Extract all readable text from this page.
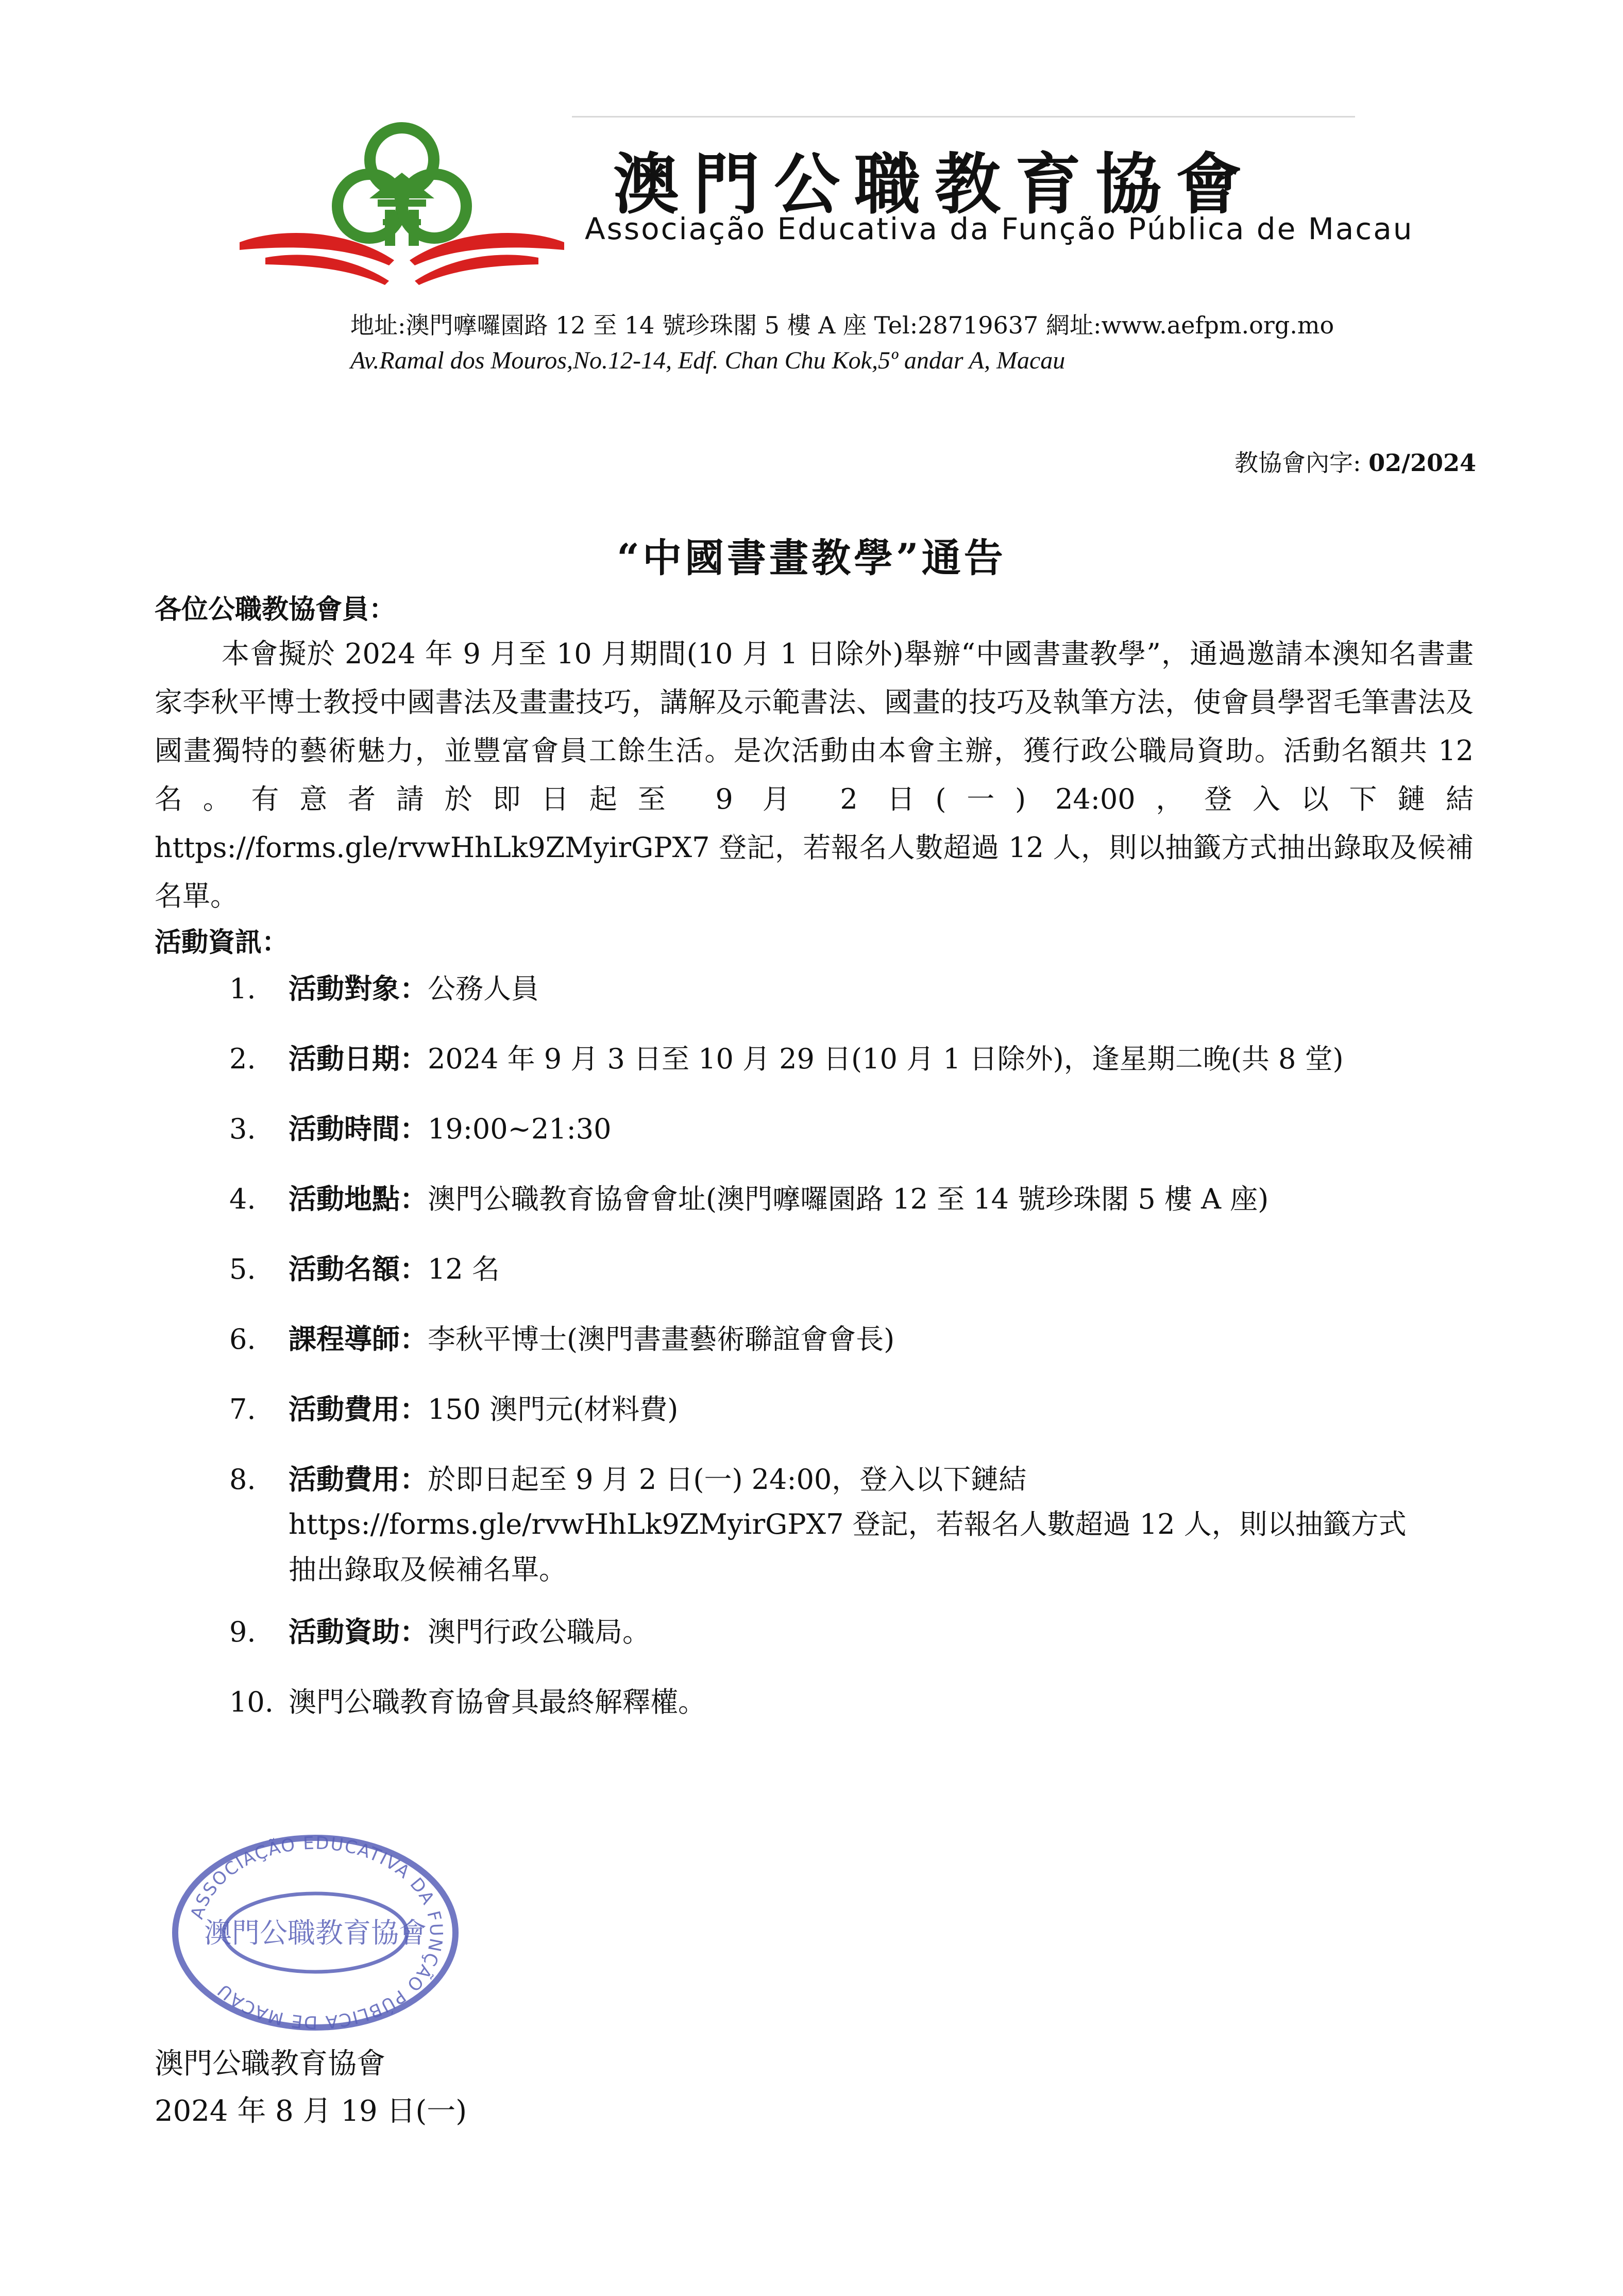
澳門公職教育協會
Associação Educativa da Função Pública de Macau
地址:澳門嚤囉園路 12 至 14 號珍珠閣 5 樓 A 座 Tel:28719637 網址:www.aefpm.org.mo
Av.Ramal dos Mouros,No.12-14, Edf. Chan Chu Kok,5º andar A, Macau
教協會內字: 02/2024
“中國書畫教學”通告
各位公職教協會員：
本會擬於 2024 年 9 月至 10 月期間(10 月 1 日除外)舉辦“中國書畫教學”，通過邀請本澳知名書畫家李秋平博士教授中國書法及畫畫技巧，講解及示範書法、國畫的技巧及執筆方法，使會員學習毛筆書法及國畫獨特的藝術魅力，並豐富會員工餘生活。是次活動由本會主辦，獲行政公職局資助。活動名額共 12 名。有意者請於即日起至 9 月 2 日(一) 24:00，登入以下鏈結 https://forms.gle/rvwHhLk9ZMyirGPX7 登記，若報名人數超過 12 人，則以抽籤方式抽出錄取及候補名單。
活動資訊：
1. 活動對象：公務人員
2. 活動日期：2024 年 9 月 3 日至 10 月 29 日(10 月 1 日除外)，逢星期二晚(共 8 堂)
3. 活動時間：19:00~21:30
4. 活動地點：澳門公職教育協會會址(澳門嚤囉園路 12 至 14 號珍珠閣 5 樓 A 座)
5. 活動名額：12 名
6. 課程導師：李秋平博士(澳門書畫藝術聯誼會會長)
7. 活動費用：150 澳門元(材料費)
8. 活動費用：於即日起至 9 月 2 日(一) 24:00，登入以下鏈結
https://forms.gle/rvwHhLk9ZMyirGPX7 登記，若報名人數超過 12 人，則以抽籤方式
抽出錄取及候補名單。
9. 活動資助：澳門行政公職局。
10. 澳門公職教育協會具最終解釋權。
ASSOCIAÇÃO EDUCATIVA DA FUNÇÃO PÚBLICA DE MACAU
澳門公職教育協會
澳門公職教育協會
2024 年 8 月 19 日(一)
